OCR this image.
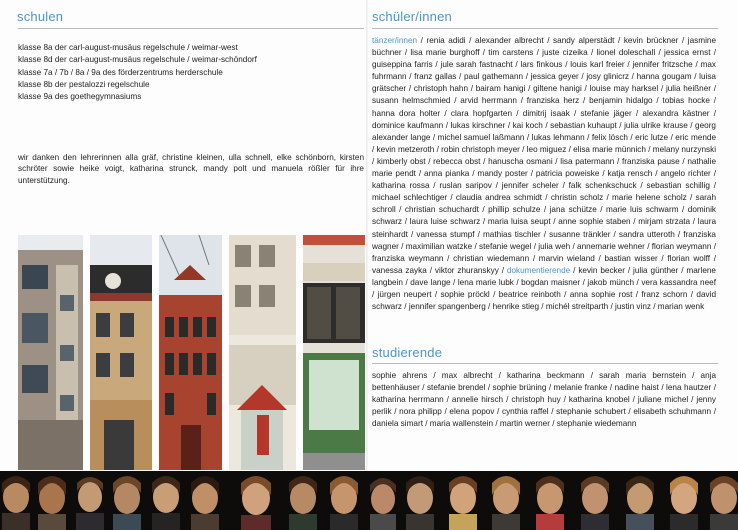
schulen
klasse 8a der carl-august-musäus regelschule / weimar-west
klasse 8d der carl-august-musäus regelschule / weimar-schöndorf
klasse 7a / 7b / 8a / 9a des förderzentrums herderschule
klasse 8b der pestalozzi regelschule
klasse 9a des goethegymnasiums
wir danken den lehrerinnen alla gräf, christine kleinen, ulla schnell, elke schönborn, kirsten schröter sowie heike voigt, katharina strunck, mandy polt und manuela rößler für ihre unterstützung.
schüler/innen
tänzer/innen / renia adidi / alexander albrecht / sandy alperstädt / kevin brückner / jasmine büchner / lisa marie burghoff / tim carstens / juste cizeika / lionel doleschall / jessica ernst / guiseppina farris / jule sarah fastnacht / lars finkous / louis karl freier / jennifer fritzsche / max fuhrmann / franz gallas / paul gathemann / jessica geyer / josy glinicrz / hanna gougam / luisa grätscher / christoph hahn / bairam hanigi / giltene hanigi / louise may harksel / julia heißner / susann helmschmied / arvid herrmann / franziska herz / benjamin hidalgo / tobias hocke / hanna dora holter / clara hopfgarten / dimitrij isaak / stefanie jäger / alexandra kästner / dominice kaufmann / lukas kirschner / kai koch / sebastian kuhaupt / julia ulrike krause / georg alexander lange / michel samuel laßmann / lukas lehmann / felix lösch / eric lutze / eric mende / kevin metzeroth / robin christoph meyer / leo miguez / elisa marie münnich / melany nurzynski / kimberly obst / rebecca obst / hanuscha osmani / lisa patermann / franziska pause / nathalie marie pendt / anna pianka / mandy poster / patricia poweiske / katja rensch / angelo richter / katharina rossa / ruslan saripov / jennifer scheler / falk schenkschuck / sebastian schillig / michael schlechtiger / claudia andrea schmidt / christin scholz / marie helene scholz / sarah schroll / christian schuchardt / phillip schulze / jana schütze / marie luis schwarm / dominik schwarz / laura luise schwarz / maria luisa seupt / anne sophie staben / mirjam strzata / laura steinhardt / vanessa stumpf / mathias tischler / susanne tränkler / sandra utteroth / franziska wagner / maximilian watzke / stefanie wegel / julia weh / annemarie wehner / florian weymann / franziska weymann / christian wiedemann / marvin wieland / bastian wisser / florian wolff / vanessa zayka / viktor zhuranskyy / dokumentierende / kevin becker / julia günther / marlene langbein / dave lange / lena marie lubk / bogdan maisner / jakob münch / vera kassandra neef / jürgen neupert / sophie pröckl / beatrice reinboth / anna sophie rost / franz schorn / david schwarz / jennifer spangenberg / henrike stieg / michél streitparth / justin vinz / marian wenk
studierende
sophie ahrens / max albrecht / katharina beckmann / sarah maria bernstein / anja bettenhäuser / stefanie brendel / sophie brüning / melanie franke / nadine haist / lena hautzer / katharina herrmann / annelie hirsch / christoph huy / katharina knobel / juliane michel / jenny perlik / nora philipp / elena popov / cynthia raffel / stephanie schubert / elisabeth schuhmann / daniela simart / maria wallenstein / martin werner / stephanie wiedemann
